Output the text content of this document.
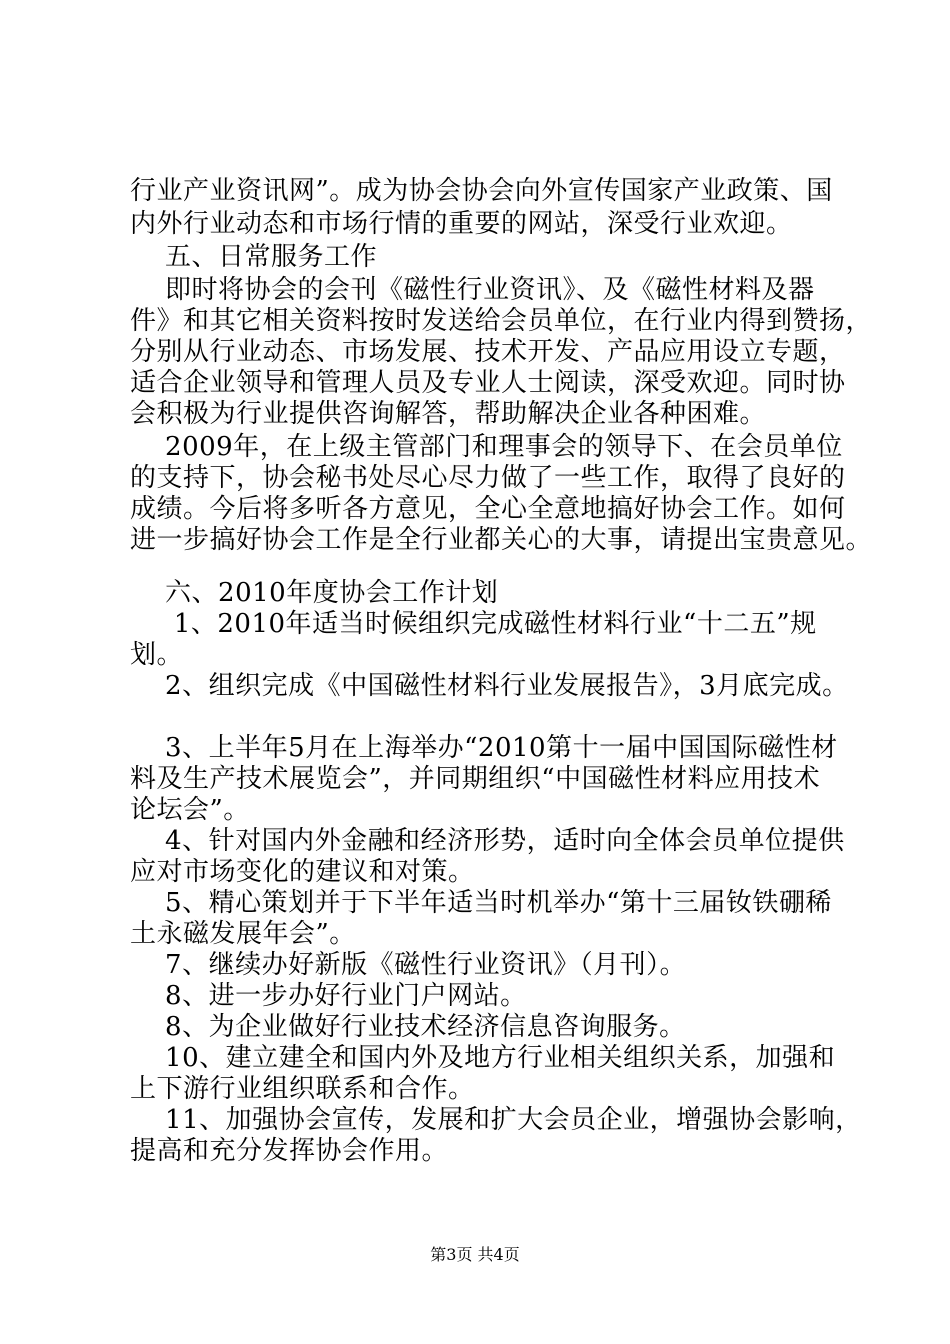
行业产业资讯网”。成为协会协会向外宣传国家产业政策、国
内外行业动态和市场行情的重要的网站，深受行业欢迎。
五、日常服务工作
即时将协会的会刊《磁性行业资讯》、及《磁性材料及器
件》和其它相关资料按时发送给会员单位，在行业内得到赞扬，
分别从行业动态、市场发展、技术开发、产品应用设立专题，
适合企业领导和管理人员及专业人士阅读，深受欢迎。同时协
会积极为行业提供咨询解答，帮助解决企业各种困难。
2009年，在上级主管部门和理事会的领导下、在会员单位
的支持下，协会秘书处尽心尽力做了一些工作，取得了良好的
成绩。今后将多听各方意见，全心全意地搞好协会工作。如何
进一步搞好协会工作是全行业都关心的大事，请提出宝贵意见。
六、2010年度协会工作计划
1、2010年适当时候组织完成磁性材料行业“十二五”规
划。
2、组织完成《中国磁性材料行业发展报告》，3月底完成。
3、上半年5月在上海举办“2010第十一届中国国际磁性材
料及生产技术展览会”，并同期组织“中国磁性材料应用技术
论坛会”。
4、针对国内外金融和经济形势，适时向全体会员单位提供
应对市场变化的建议和对策。
5、精心策划并于下半年适当时机举办“第十三届钕铁硼稀
土永磁发展年会”。
7、继续办好新版《磁性行业资讯》（月刊）。
8、进一步办好行业门户网站。
8、为企业做好行业技术经济信息咨询服务。
10、建立建全和国内外及地方行业相关组织关系，加强和
上下游行业组织联系和合作。
11、加强协会宣传，发展和扩大会员企业，增强协会影响，
提高和充分发挥协会作用。
第3页 共4页
